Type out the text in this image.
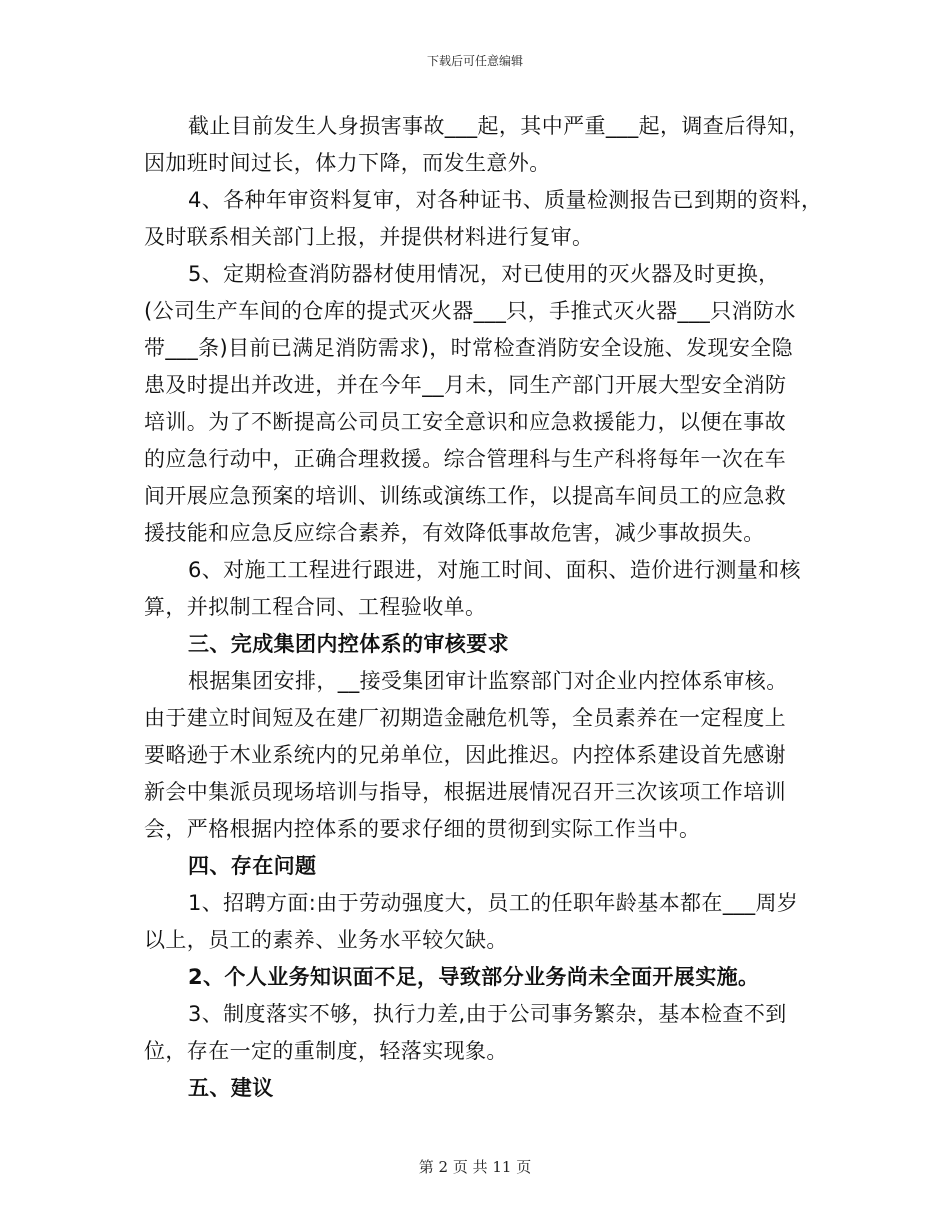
下载后可任意编辑
截止目前发生人身损害事故___起，其中严重___起，调查后得知，
因加班时间过长，体力下降，而发生意外。
4、各种年审资料复审，对各种证书、质量检测报告已到期的资料，
及时联系相关部门上报，并提供材料进行复审。
5、定期检查消防器材使用情况，对已使用的灭火器及时更换，
(公司生产车间的仓库的提式灭火器___只，手推式灭火器___只消防水
带___条)目前已满足消防需求)，时常检查消防安全设施、发现安全隐
患及时提出并改进，并在今年__月未，同生产部门开展大型安全消防
培训。为了不断提高公司员工安全意识和应急救援能力，以便在事故
的应急行动中，正确合理救援。综合管理科与生产科将每年一次在车
间开展应急预案的培训、训练或演练工作，以提高车间员工的应急救
援技能和应急反应综合素养，有效降低事故危害，减少事故损失。
6、对施工工程进行跟进，对施工时间、面积、造价进行测量和核
算，并拟制工程合同、工程验收单。
三、完成集团内控体系的审核要求
根据集团安排，__接受集团审计监察部门对企业内控体系审核。
由于建立时间短及在建厂初期造金融危机等，全员素养在一定程度上
要略逊于木业系统内的兄弟单位，因此推迟。内控体系建设首先感谢
新会中集派员现场培训与指导，根据进展情况召开三次该项工作培训
会，严格根据内控体系的要求仔细的贯彻到实际工作当中。
四、存在问题
1、招聘方面:由于劳动强度大，员工的任职年龄基本都在___周岁
以上，员工的素养、业务水平较欠缺。
2、个人业务知识面不足，导致部分业务尚未全面开展实施。
3、制度落实不够，执行力差,由于公司事务繁杂，基本检查不到
位，存在一定的重制度，轻落实现象。
五、建议
第 2 页 共 11 页
